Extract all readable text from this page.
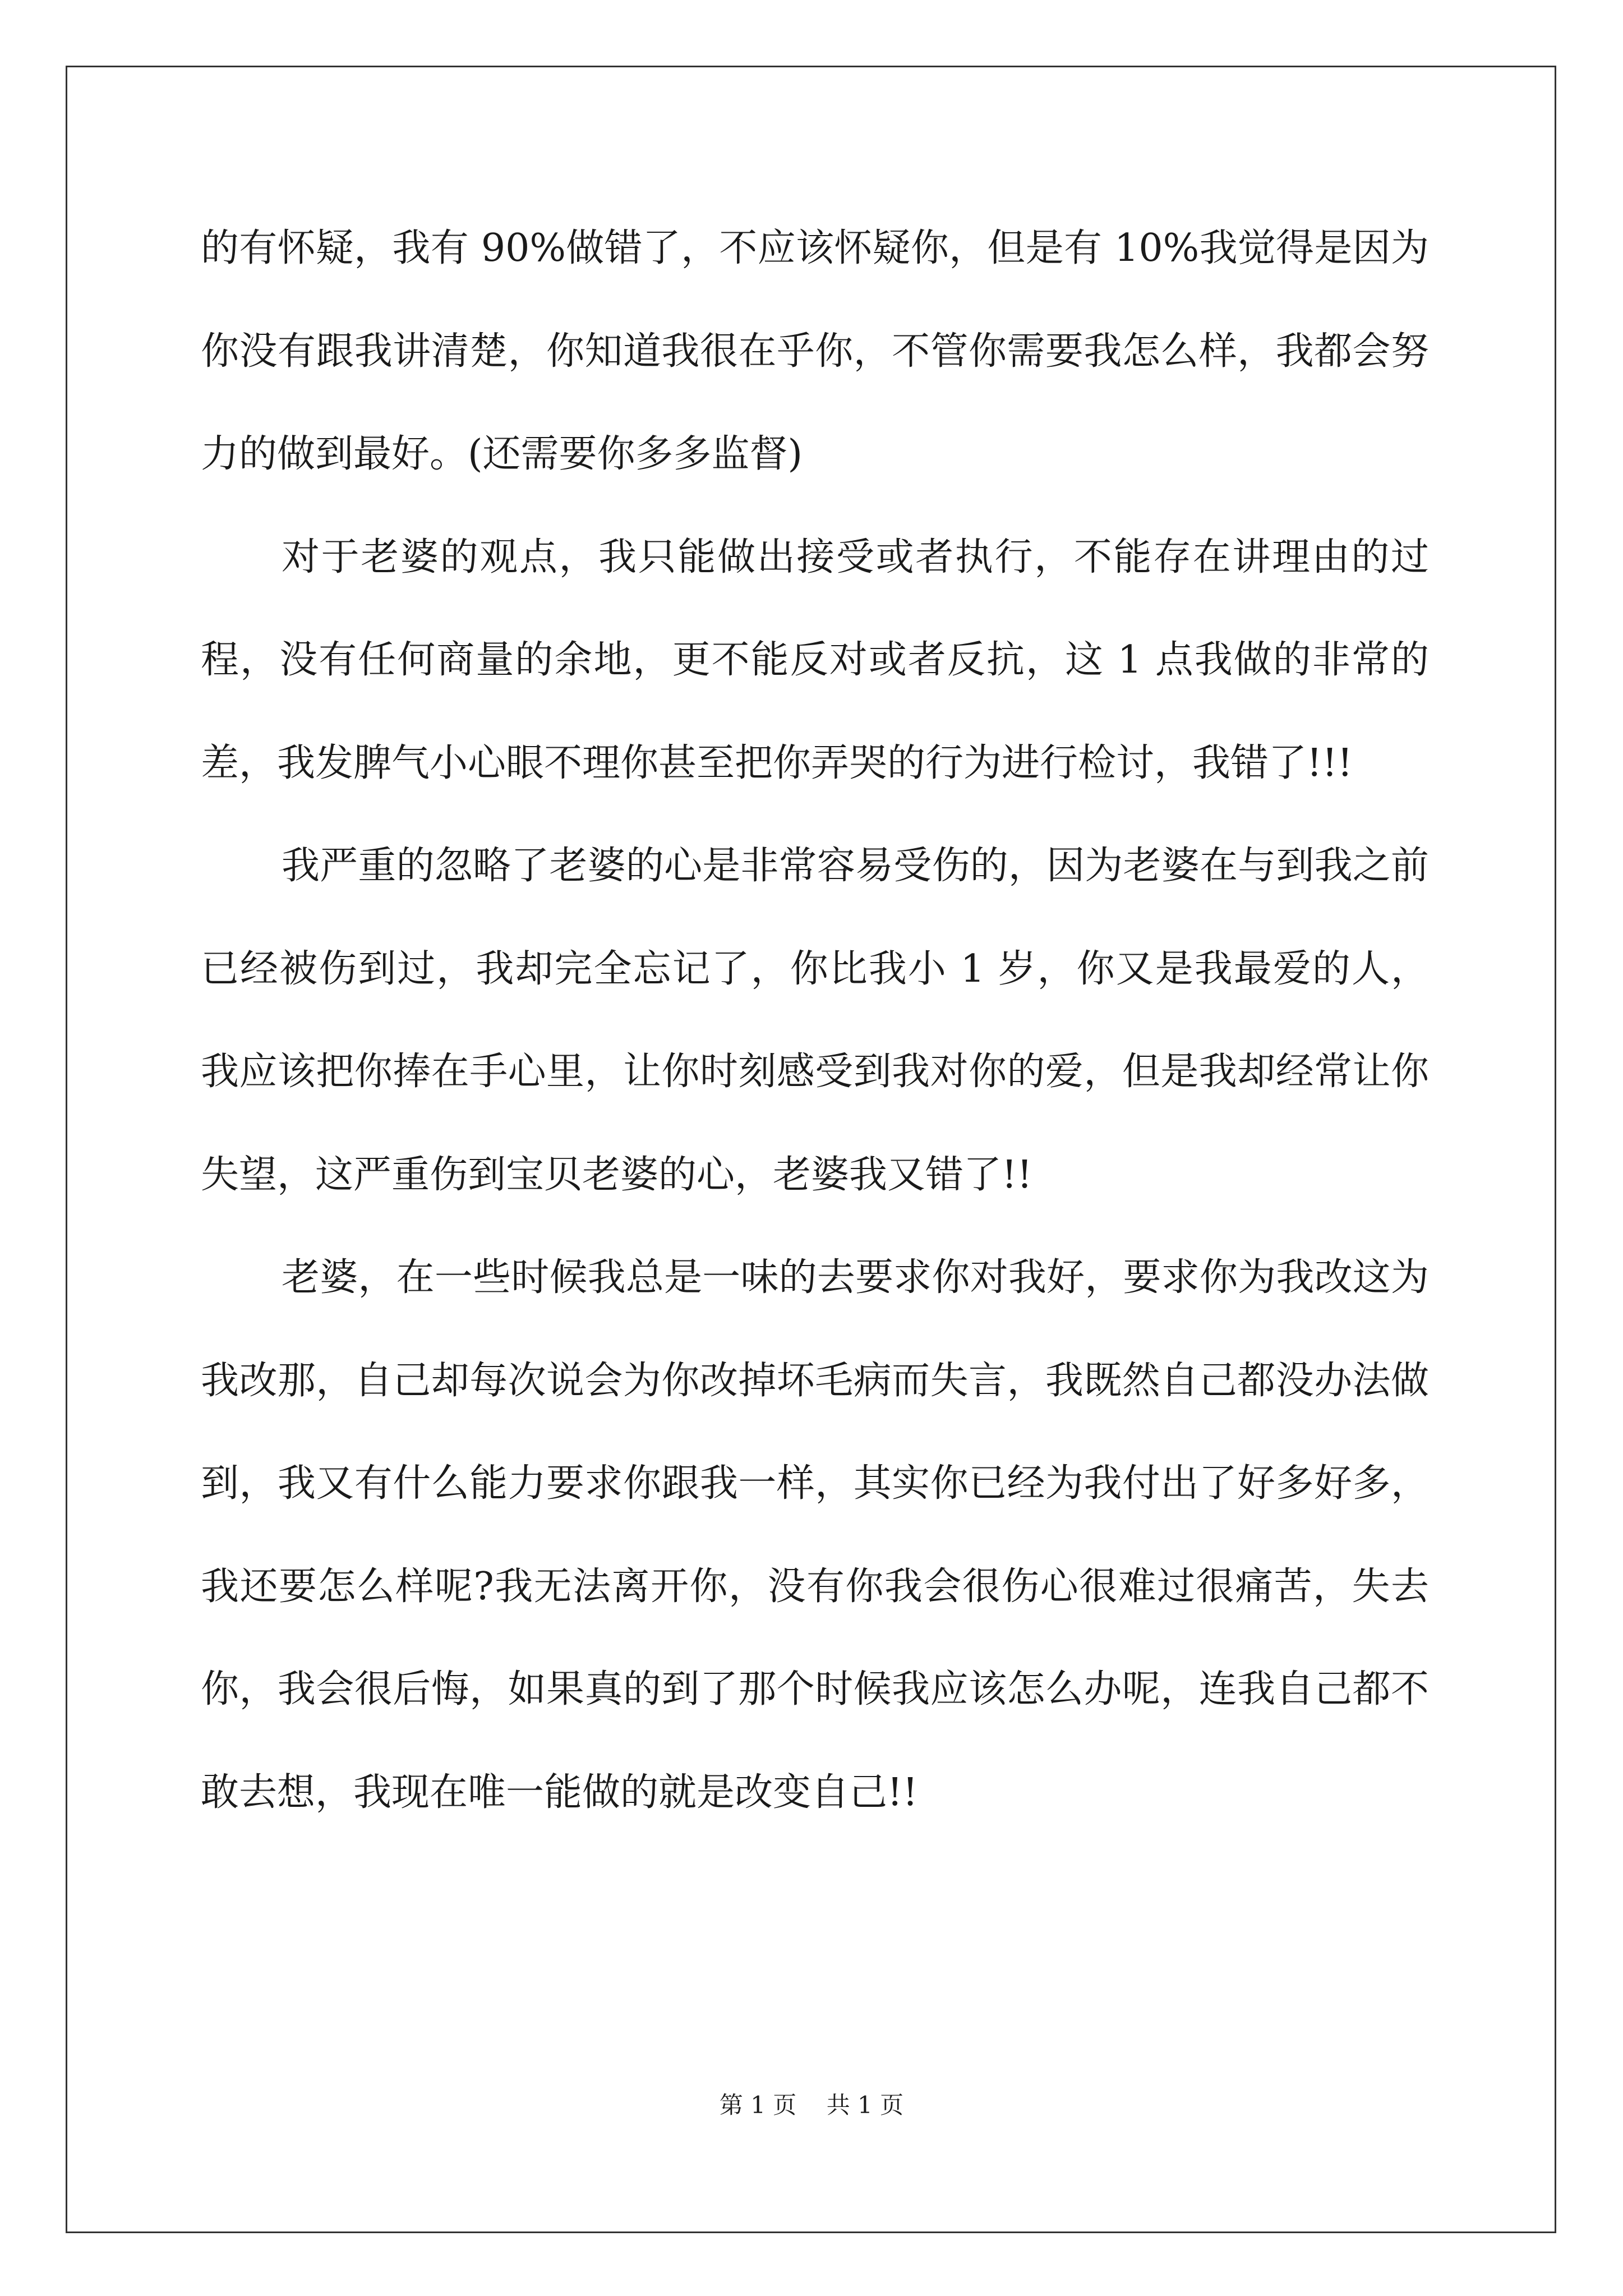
的有怀疑，我有 90%做错了，不应该怀疑你，但是有 10%我觉得是因为你没有跟我讲清楚，你知道我很在乎你，不管你需要我怎么样，我都会努力的做到最好。(还需要你多多监督)

对于老婆的观点，我只能做出接受或者执行，不能存在讲理由的过程，没有任何商量的余地，更不能反对或者反抗，这 1 点我做的非常的差，我发脾气小心眼不理你甚至把你弄哭的行为进行检讨，我错了!!!

我严重的忽略了老婆的心是非常容易受伤的，因为老婆在与到我之前已经被伤到过，我却完全忘记了，你比我小 1 岁，你又是我最爱的人，我应该把你捧在手心里，让你时刻感受到我对你的爱，但是我却经常让你失望，这严重伤到宝贝老婆的心，老婆我又错了!!

老婆，在一些时候我总是一味的去要求你对我好，要求你为我改这为我改那，自己却每次说会为你改掉坏毛病而失言，我既然自己都没办法做到，我又有什么能力要求你跟我一样，其实你已经为我付出了好多好多，我还要怎么样呢?我无法离开你，没有你我会很伤心很难过很痛苦，失去你，我会很后悔，如果真的到了那个时候我应该怎么办呢，连我自己都不敢去想，我现在唯一能做的就是改变自己!!

第 1 页    共 1 页
